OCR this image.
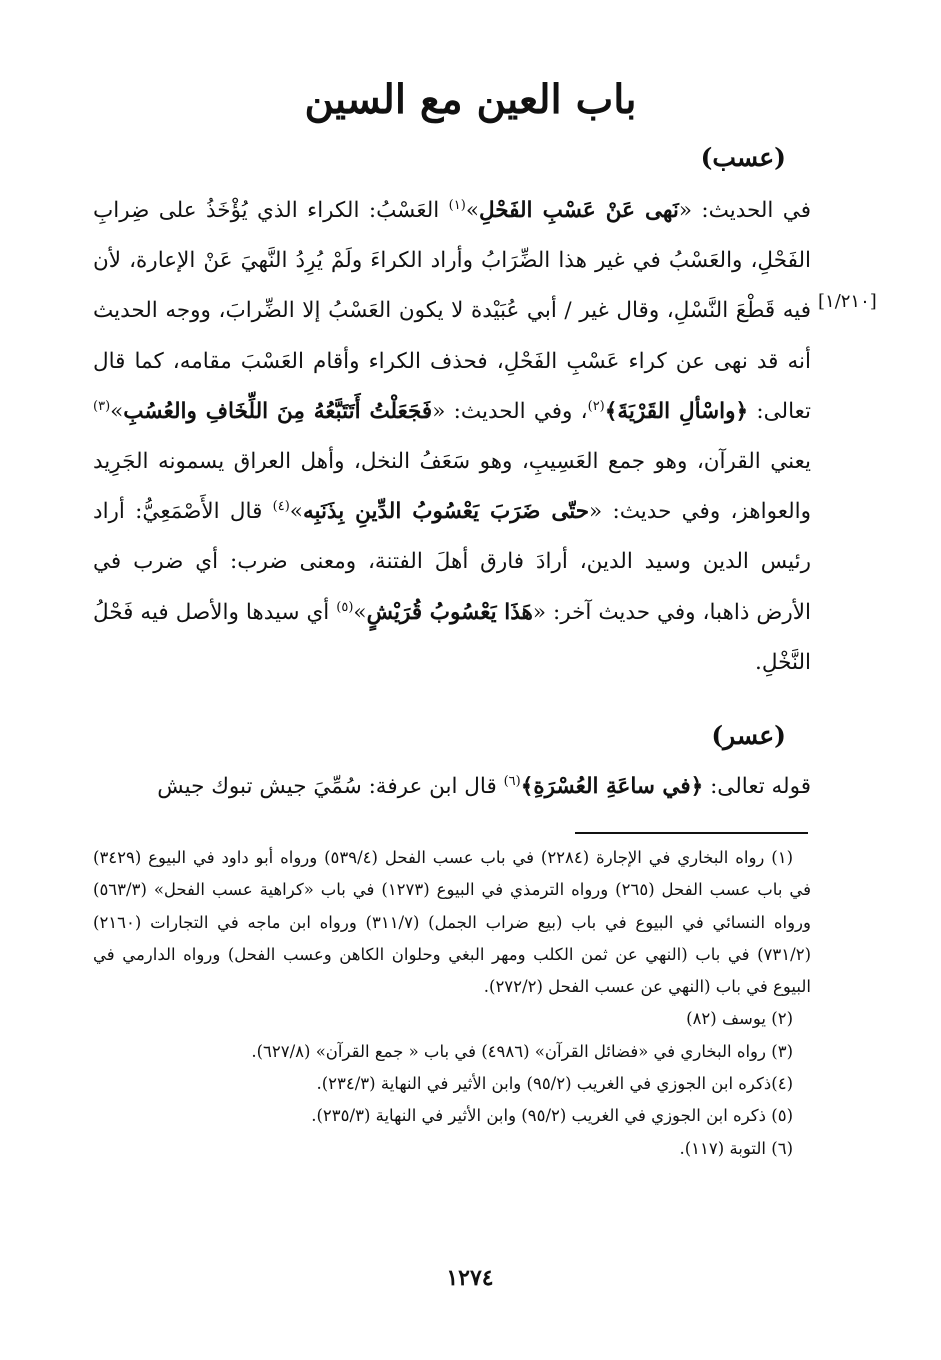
باب العين مع السين
(عسب)

في الحديث: «نَهى عَنْ عَسْبِ الفَحْلِ»$^{(١)}$ العَسْبُ: الكراء الذي يُؤْخَذُ على ضِرابِ الفَحْلِ، والعَسْبُ في غير هذا الضِّرَابُ وأراد الكراءَ ولَمْ يُرِدُ النَّهيَ عَنْ الإعارة، لأن فيه قَطْعَ النَّسْلِ، وقال غير / أبي عُبَيْدة لا يكون العَسْبُ إلا الضِّرابَ، ووجه الحديث أنه قد نهى عن كراء عَسْبِ الفَحْلِ، فحذف الكراء وأقام العَسْبَ مقامه، كما قال تعالى: ﴿واسْألِ القَرْيَةَ﴾$^{(٢)}$، وفي الحديث: «فَجَعَلْتُ أَتَتَبَّعُهُ مِنَ اللِّخَافِ والعُسُبِ»$^{(٣)}$ يعني القرآن، وهو جمع العَسِيبِ، وهو سَعَفُ النخل، وأهل العراق يسمونه الجَرِيد والعواهز، وفي حديث: «حتّى ضَرَبَ يَعْسُوبُ الدِّينِ بِذَنَبِه»$^{(٤)}$ قال الأَصْمَعِيُّ: أراد رئيس الدين وسيد الدين، أرادَ فارق أهلَ الفتنة، ومعنى ضرب: أي ضرب في الأرض ذاهبا، وفي حديث آخر: «هَذَا يَعْسُوبُ قُرَيْشٍ»$^{(٥)}$ أي سيدها والأصل فيه فَحْلُ النَّخْلِ.

[١/٢١٠]
(عسر)

قوله تعالى: ﴿في ساعَةِ العُسْرَةِ﴾$^{(٦)}$ قال ابن عرفة: سُمِّيَ جيش تبوك جيش

(١) رواه البخاري في الإجارة (٢٢٨٤) في باب عسب الفحل (٥٣٩/٤) ورواه أبو داود في البيوع (٣٤٢٩) في باب عسب الفحل (٢٦٥) ورواه الترمذي في البيوع (١٢٧٣) في باب «كراهية عسب الفحل» (٥٦٣/٣) ورواه النسائي في البيوع في باب (بيع ضراب الجمل) (٣١١/٧) ورواه ابن ماجه في التجارات (٢١٦٠) (٧٣١/٢) في باب (النهي عن ثمن الكلب ومهر البغي وحلوان الكاهن وعسب الفحل) ورواه الدارمي في البيوع في باب (النهي عن عسب الفحل (٢٧٢/٢).

(٢) يوسف (٨٢)

(٣) رواه البخاري في «فضائل القرآن» (٤٩٨٦) في باب « جمع القرآن» (٦٢٧/٨).

(٤)ذكره ابن الجوزي في الغريب (٩٥/٢) وابن الأثير في النهاية (٢٣٤/٣).

(٥) ذكره ابن الجوزي في الغريب (٩٥/٢) وابن الأثير في النهاية (٢٣٥/٣).

(٦) التوبة (١١٧).

١٢٧٤
